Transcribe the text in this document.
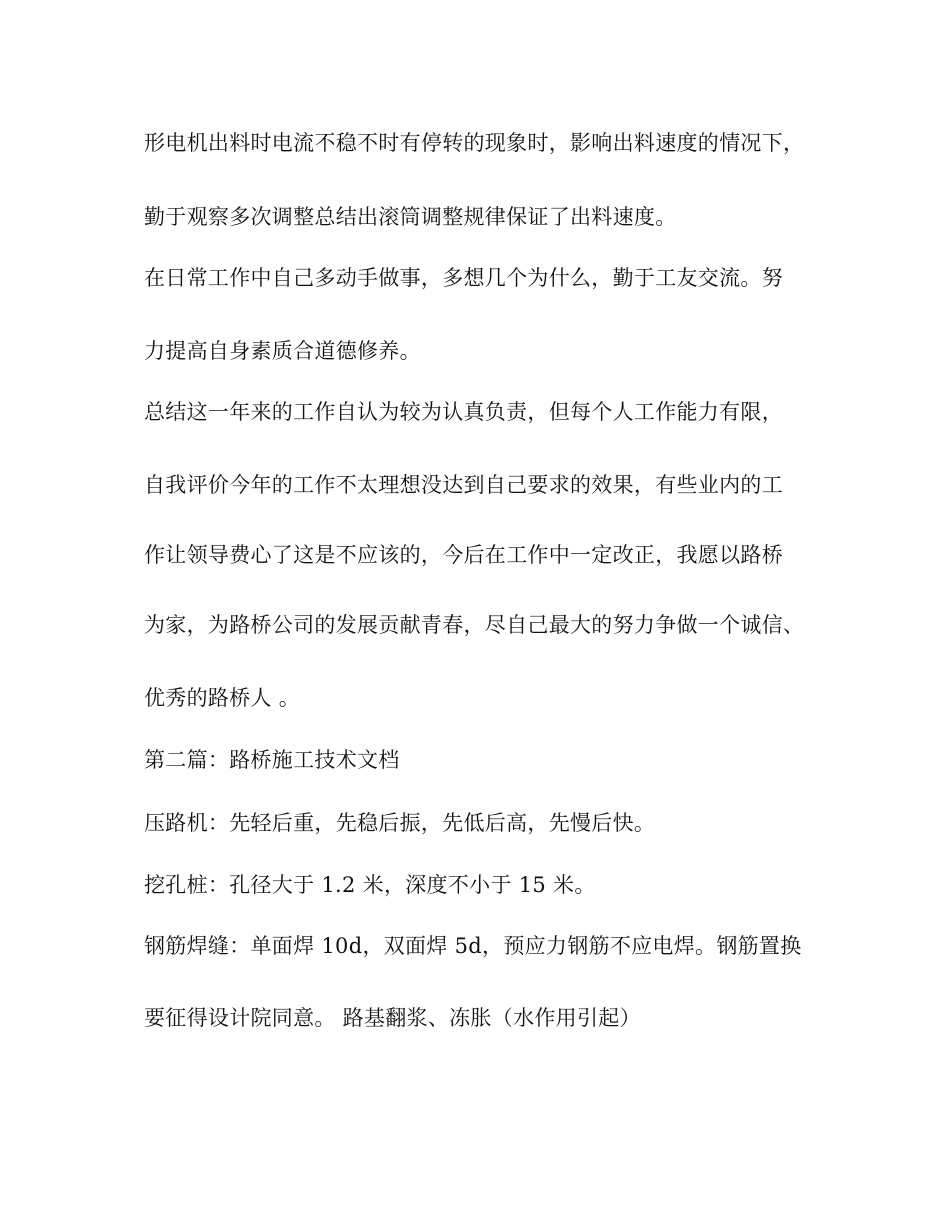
形电机出料时电流不稳不时有停转的现象时，影响出料速度的情况下，
勤于观察多次调整总结出滚筒调整规律保证了出料速度。
在日常工作中自己多动手做事，多想几个为什么，勤于工友交流。努
力提高自身素质合道德修养。
总结这一年来的工作自认为较为认真负责，但每个人工作能力有限，
自我评价今年的工作不太理想没达到自己要求的效果，有些业内的工
作让领导费心了这是不应该的，今后在工作中一定改正，我愿以路桥
为家，为路桥公司的发展贡献青春，尽自己最大的努力争做一个诚信、
优秀的路桥人 。
第二篇：路桥施工技术文档
压路机：先轻后重，先稳后振，先低后高，先慢后快。
挖孔桩：孔径大于 1.2 米，深度不小于 15 米。
钢筋焊缝：单面焊 10d，双面焊 5d，预应力钢筋不应电焊。钢筋置换
要征得设计院同意。 路基翻浆、冻胀（水作用引起）
